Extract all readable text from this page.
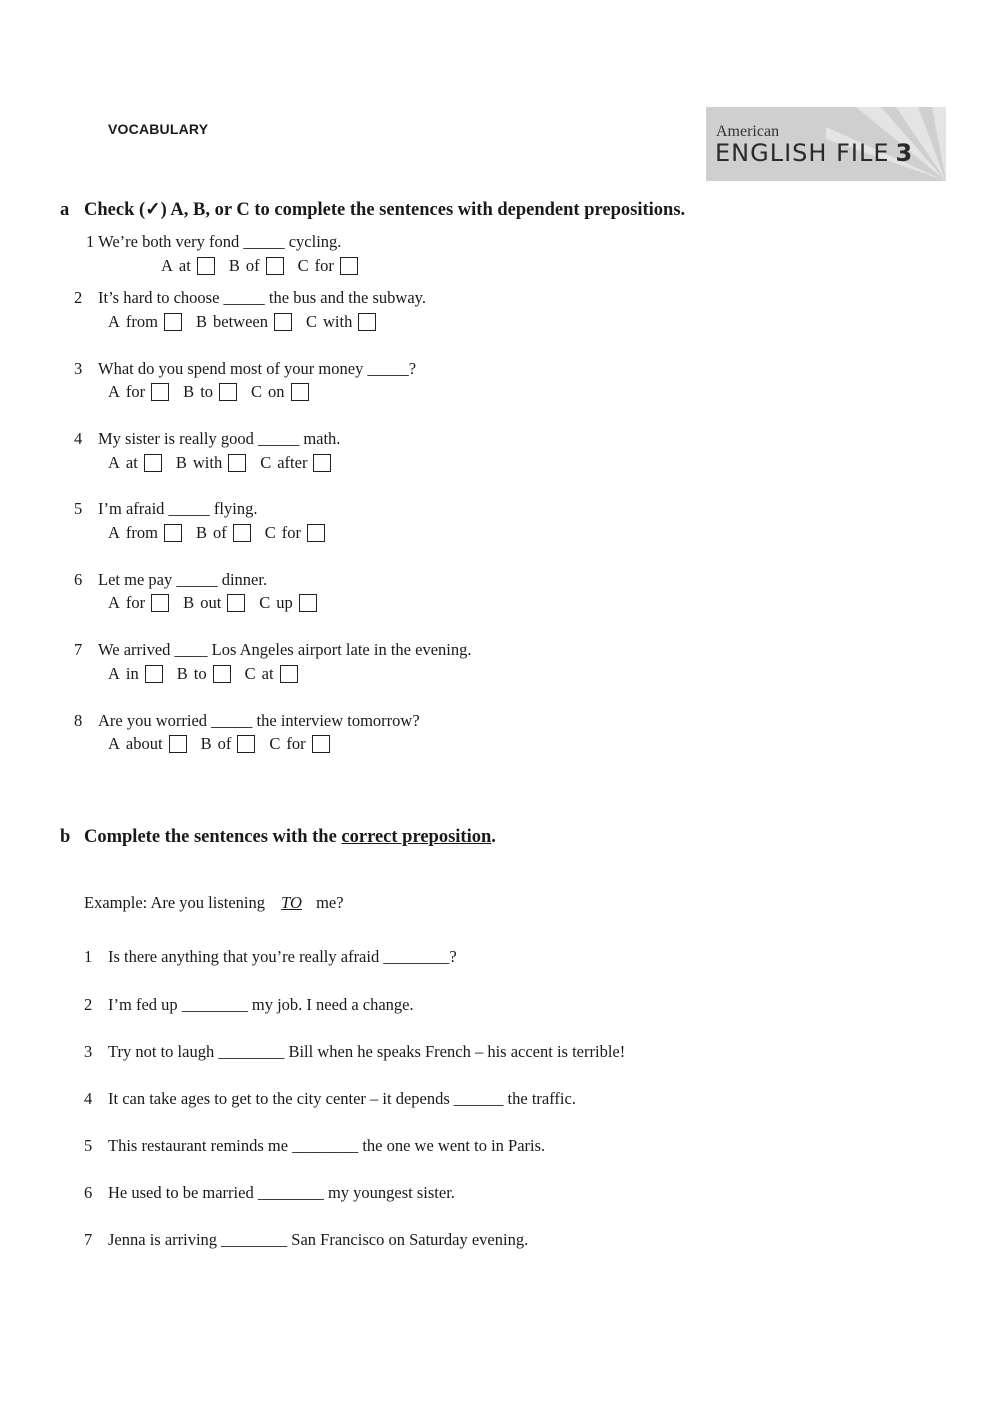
VOCABULARY	American
ENGLISH FILE 3
a Check (✓) A, B, or C to complete the sentences with dependent prepositions.
1 We’re both very fond _____ cycling.
A at B of C for
2 It’s hard to choose _____ the bus and the subway.
A from B between C with
3 What do you spend most of your money _____?
A for B to C on
4 My sister is really good _____ math.
A at B with C after
5 I’m afraid _____ flying.
A from B of C for
6 Let me pay _____ dinner.
A for B out C up
7 We arrived ____ Los Angeles airport late in the evening.
A in B to C at
8 Are you worried _____ the interview tomorrow?
A about B of C for
b Complete the sentences with the correct preposition.
Example: Are you listening TO me?
1 Is there anything that you’re really afraid ________?
2 I’m fed up ________ my job. I need a change.
3 Try not to laugh ________ Bill when he speaks French – his accent is terrible!
4 It can take ages to get to the city center – it depends ______ the traffic.
5 This restaurant reminds me ________ the one we went to in Paris.
6 He used to be married ________ my youngest sister.
7 Jenna is arriving ________ San Francisco on Saturday evening.
